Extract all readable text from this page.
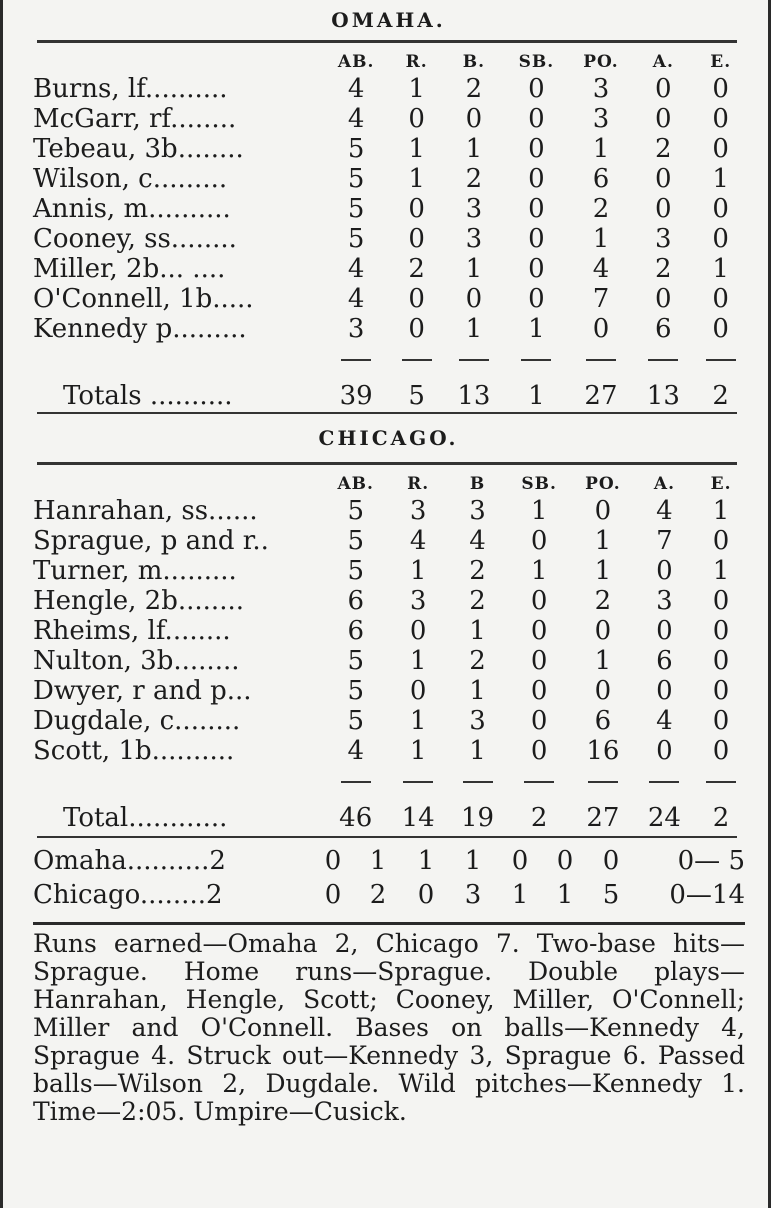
OMAHA.
	AB.	R.	B.	SB.	PO.	A.	E.
Burns, lf..........	4	1	2	0	3	0	0
McGarr, rf........	4	0	0	0	3	0	0
Tebeau, 3b........	5	1	1	0	1	2	0
Wilson, c.........	5	1	2	0	6	0	1
Annis, m..........	5	0	3	0	2	0	0
Cooney, ss........	5	0	3	0	1	3	0
Miller, 2b... ....	4	2	1	0	4	2	1
O'Connell, 1b.....	4	0	0	0	7	0	0
Kennedy p.........	3	0	1	1	0	6	0

Totals ..........	39	5	13	1	27	13	2
CHICAGO.
	AB.	R.	B	SB.	PO.	A.	E.
Hanrahan, ss......	5	3	3	1	0	4	1
Sprague, p and r..	5	4	4	0	1	7	0
Turner, m.........	5	1	2	1	1	0	1
Hengle, 2b........	6	3	2	0	2	3	0
Rheims, lf........	6	0	1	0	0	0	0
Nulton, 3b........	5	1	2	0	1	6	0
Dwyer, r and p...	5	0	1	0	0	0	0
Dugdale, c........	5	1	3	0	6	4	0
Scott, 1b..........	4	1	1	0	16	0	0

Total............	46	14	19	2	27	24	2
Omaha..........2	0 1 1 1 0 0 0 0— 5
Chicago........2	0 2 0 3 1 1 5 0—14

Runs earned—Omaha 2, Chicago 7. Two-base hits—Sprague. Home runs—Sprague. Double plays—Hanrahan, Hengle, Scott; Cooney, Miller, O'Connell; Miller and O'Connell. Bases on balls—Kennedy 4, Sprague 4. Struck out—Kennedy 3, Sprague 6. Passed balls—Wilson 2, Dugdale. Wild pitches—Kennedy 1. Time—2:05. Umpire—Cusick.
